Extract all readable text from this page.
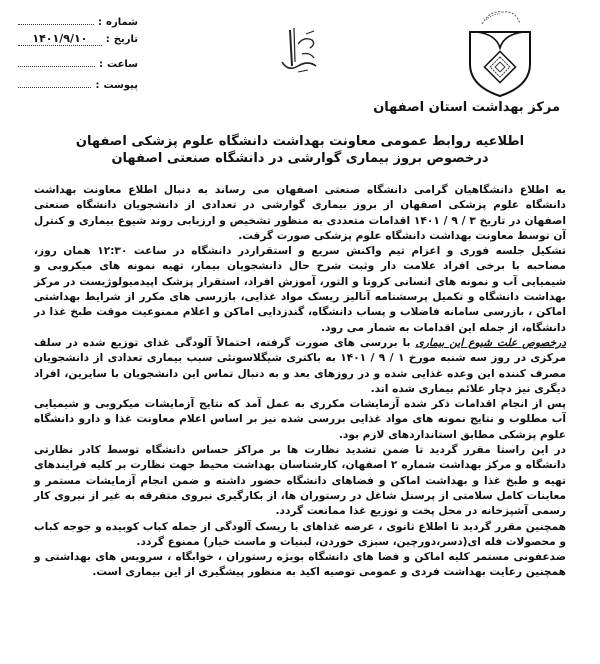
مرکز بهداشت استان اصفهان
شماره
:
تاریخ
:
۱۴۰۱/۹/۱۰
ساعت
:
پیوست
:
اطلاعیه روابط عمومی معاونت بهداشت دانشگاه علوم پزشکی اصفهان
درخصوص بروز بیماری گوارشی در دانشگاه صنعتی اصفهان

به اطلاع دانشگاهیان گرامی دانشگاه صنعتی اصفهان می رساند به دنبال اطلاع معاونت بهداشت دانشگاه علوم پزشکی اصفهان از بروز بیماری گوارشی در تعدادی از دانشجویان دانشگاه صنعتی اصفهان در تاریخ ۳ / ۹ / ۱۴۰۱ اقدامات متعددی به منظور تشخیص و ارزیابی روند شیوع بیماری و کنترل آن توسط معاونت بهداشت دانشگاه علوم پزشکی صورت گرفت.

تشکیل جلسه فوری و اعزام تیم واکنش سریع و استقراردر دانشگاه در ساعت ۱۲:۳۰ همان روز، مصاحبه با برخی افراد علامت دار وثبت شرح حال دانشجویان بیمار، تهیه نمونه های میکروبی و شیمیایی آب و نمونه های انسانی کرونا و التور، آموزش افراد، استقرار پزشک اپیدمیولوژیست در مرکز بهداشت دانشگاه و تکمیل پرسشنامه آنالیز ریسک مواد غذایی، بازرسی های مکرر از شرایط بهداشتی اماکن ، بازرسی سامانه فاضلاب و پساب دانشگاه، گندزدایی اماکن و اعلام ممنوعیت موقت طبخ غذا در دانشگاه، از جمله این اقدامات به شمار می رود.

درخصوص علت شیوع این بیماری با بررسی های صورت گرفته، احتمالاً آلودگی غذای توزیع شده در سلف مرکزی در روز سه شنبه مورخ ۱ / ۹ / ۱۴۰۱ به باکتری شیگلاسونئی سبب بیماری تعدادی از دانشجویان مصرف کننده این وعده غذایی شده و در روزهای بعد و به دنبال تماس این دانشجویان با سایرین، افراد دیگری نیز دچار علائم بیماری شده اند.

پس از انجام اقدامات ذکر شده آزمایشات مکرری به عمل آمد که نتایج آزمایشات میکروبی و شیمیایی آب مطلوب و نتایج نمونه های مواد غذایی بررسی شده نیز بر اساس اعلام معاونت غذا و دارو دانشگاه علوم پزشکی مطابق استانداردهای لازم بود.

در این راستا مقرر گردید تا ضمن تشدید نظارت ها بر مراکز حساس دانشگاه توسط کادر نظارتی دانشگاه و مرکز بهداشت شماره ۲ اصفهان، کارشناسان بهداشت محیط جهت نظارت بر کلیه فرایندهای تهیه و طبخ غذا و بهداشت اماکن و فضاهای دانشگاه حضور داشته و ضمن انجام آزمایشات مستمر و معاینات کامل سلامتی از پرسنل شاغل در رستوران ها، از بکارگیری نیروی متفرقه به غیر از نیروی کار رسمی آشپزخانه در محل پخت و توزیع غذا ممانعت گردد.

همچنین مقرر گردید تا اطلاع ثانوی ، عرضه غذاهای با ریسک آلودگی از جمله کباب کوبیده و جوجه کباب و محصولات فله ای(دسر،دورچین، سبزی خوردن، لبنیات و ماست خیار) ممنوع گردد.

ضدعفونی مستمر کلیه اماکن و فضا های دانشگاه بویژه رستوران ، خوابگاه ، سرویس های بهداشتی و همچنین رعایت بهداشت فردی و عمومی توصیه اکید به منظور پیشگیری از این بیماری است.
